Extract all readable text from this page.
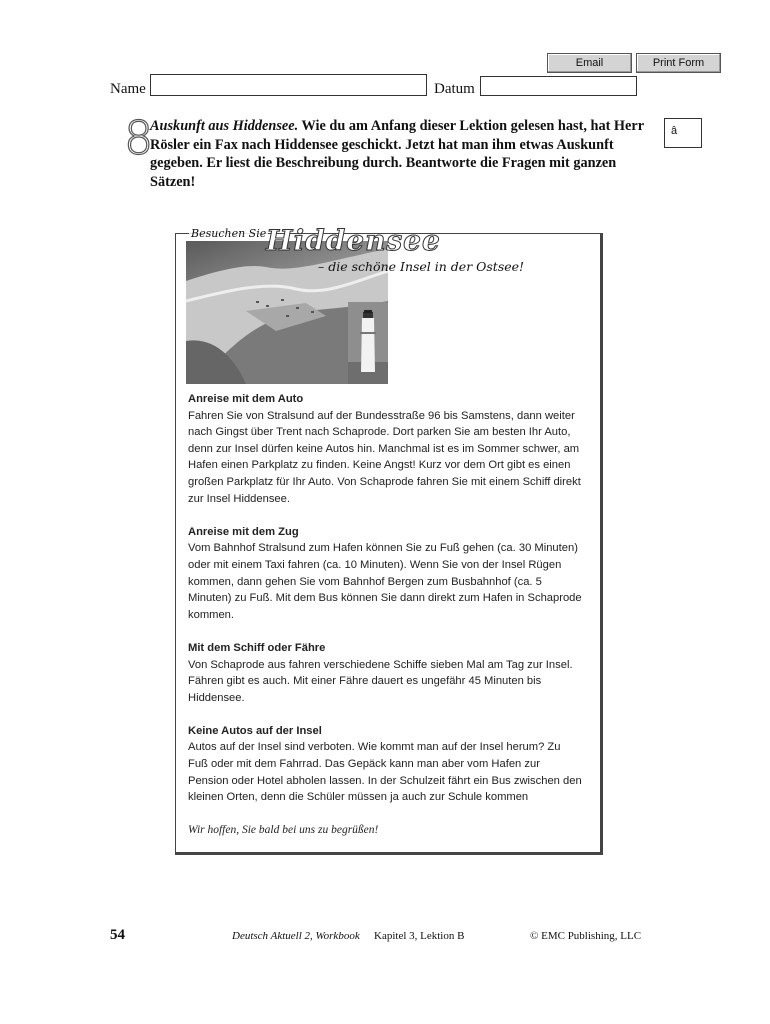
Email	Print Form
Name	Datum
8
Auskunft aus Hiddensee. Wie du am Anfang dieser Lektion gelesen hast, hat Herr Rösler ein Fax nach Hiddensee geschickt. Jetzt hat man ihm etwas Auskunft gegeben. Er liest die Beschreibung durch. Beantworte die Fragen mit ganzen Sätzen!
â
Besuchen Sie Hiddensee
– die schöne Insel in der Ostsee!
Anreise mit dem Auto

Fahren Sie von Stralsund auf der Bundesstraße 96 bis Samstens, dann weiter nach Gingst über Trent nach Schaprode. Dort parken Sie am besten Ihr Auto, denn zur Insel dürfen keine Autos hin. Manchmal ist es im Sommer schwer, am Hafen einen Parkplatz zu finden. Keine Angst! Kurz vor dem Ort gibt es einen großen Parkplatz für Ihr Auto. Von Schaprode fahren Sie mit einem Schiff direkt zur Insel Hiddensee.

Anreise mit dem Zug

Vom Bahnhof Stralsund zum Hafen können Sie zu Fuß gehen (ca. 30 Minuten) oder mit einem Taxi fahren (ca. 10 Minuten). Wenn Sie von der Insel Rügen kommen, dann gehen Sie vom Bahnhof Bergen zum Busbahnhof (ca. 5 Minuten) zu Fuß. Mit dem Bus können Sie dann direkt zum Hafen in Schaprode kommen.

Mit dem Schiff oder Fähre

Von Schaprode aus fahren verschiedene Schiffe sieben Mal am Tag zur Insel. Fähren gibt es auch. Mit einer Fähre dauert es ungefähr 45 Minuten bis Hiddensee.

Keine Autos auf der Insel

Autos auf der Insel sind verboten. Wie kommt man auf der Insel herum? Zu Fuß oder mit dem Fahrrad. Das Gepäck kann man aber vom Hafen zur Pension oder Hotel abholen lassen. In der Schulzeit fährt ein Bus zwischen den kleinen Orten, denn die Schüler müssen ja auch zur Schule kommen

Wir hoffen, Sie bald bei uns zu begrüßen!
54	Deutsch Aktuell 2, Workbook Kapitel 3, Lektion B	© EMC Publishing, LLC
